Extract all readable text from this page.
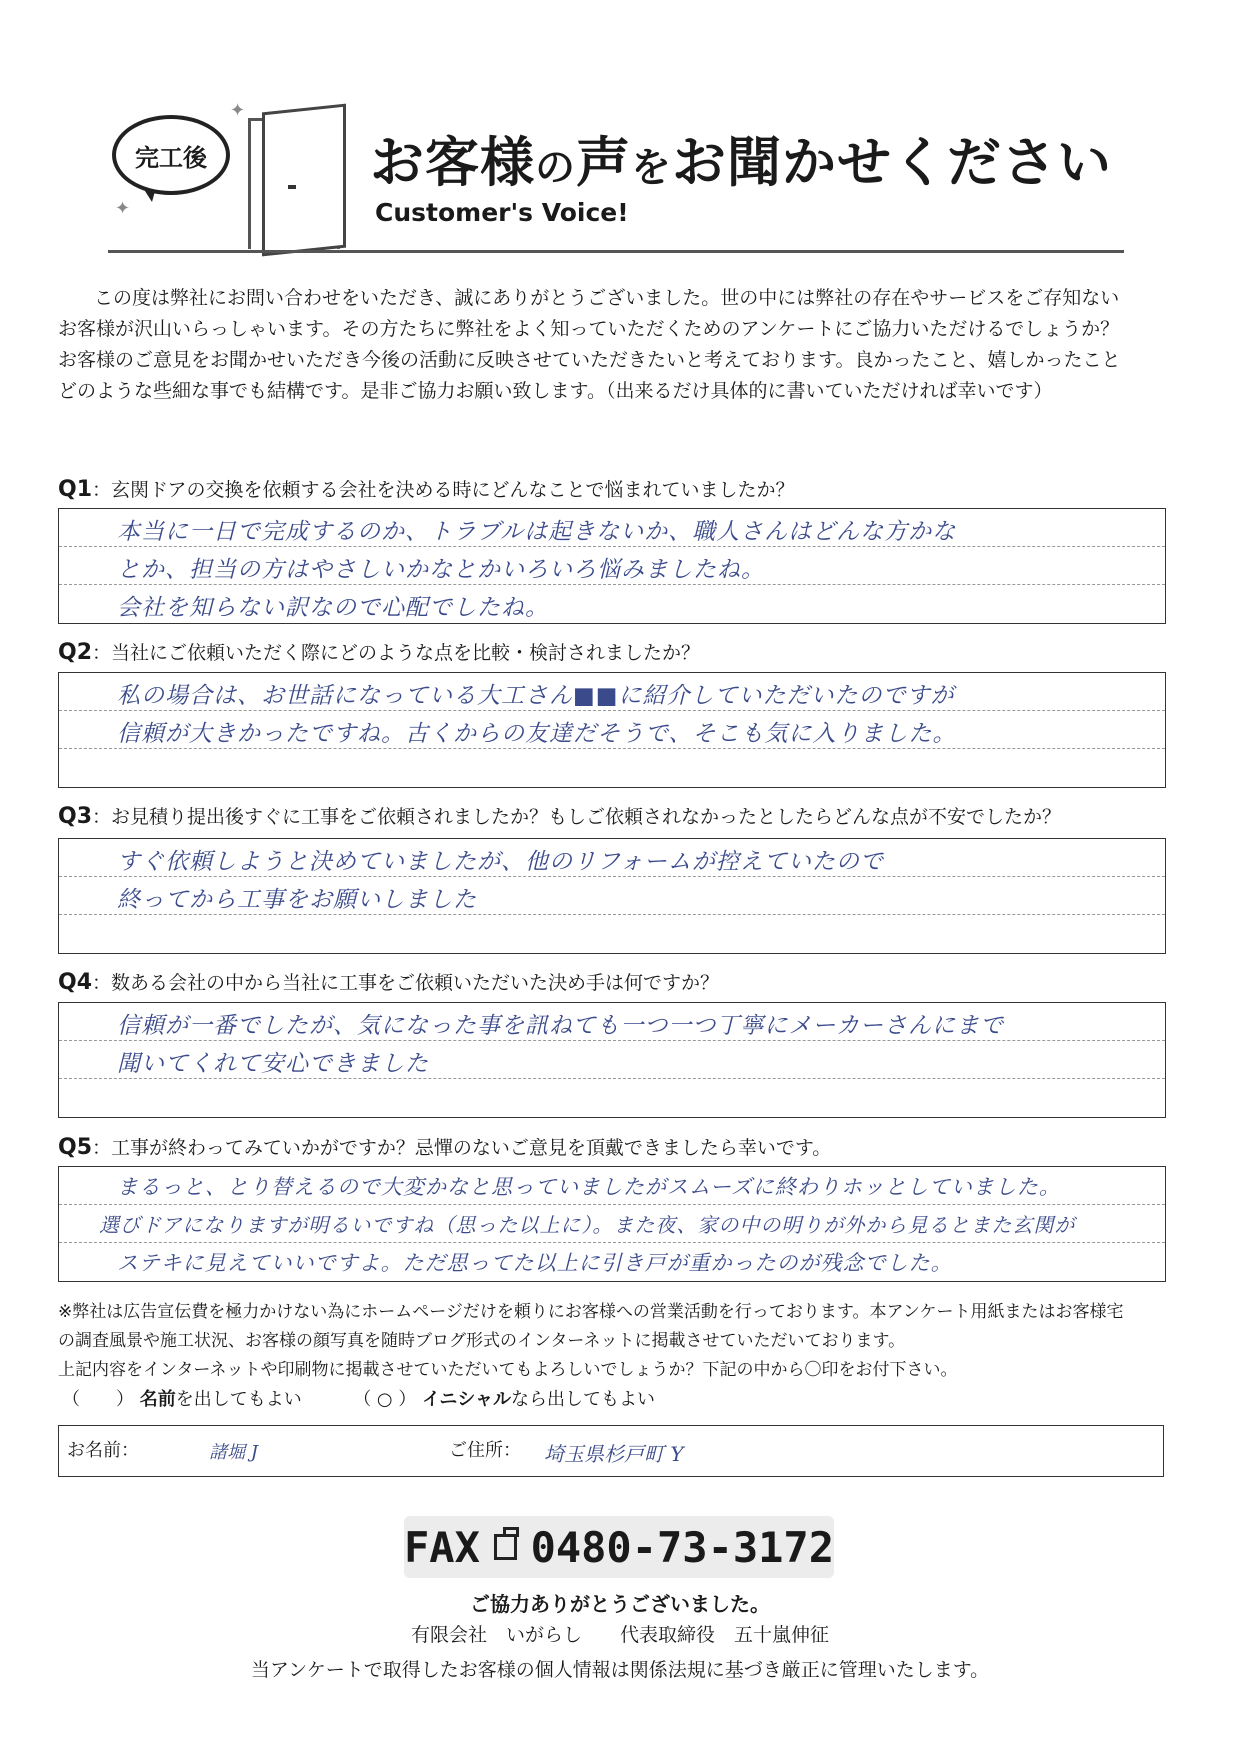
完工後
✦
✦
お客様の声をお聞かせください
Customer's Voice!

この度は弊社にお問い合わせをいただき、誠にありがとうございました。世の中には弊社の存在やサービスをご存知ない

お客様が沢山いらっしゃいます。その方たちに弊社をよく知っていただくためのアンケートにご協力いただけるでしょうか？

お客様のご意見をお聞かせいただき今後の活動に反映させていただきたいと考えております。良かったこと、嬉しかったこと

どのような些細な事でも結構です。是非ご協力お願い致します。（出来るだけ具体的に書いていただければ幸いです）

Q1：玄関ドアの交換を依頼する会社を決める時にどんなことで悩まれていましたか？
本当に一日で完成するのか、トラブルは起きないか、職人さんはどんな方かな
とか、担当の方はやさしいかなとかいろいろ悩みましたね。
会社を知らない訳なので心配でしたね。
Q2：当社にご依頼いただく際にどのような点を比較・検討されましたか？
私の場合は、お世話になっている大工さん■■に紹介していただいたのですが
信頼が大きかったですね。古くからの友達だそうで、そこも気に入りました。
Q3：お見積り提出後すぐに工事をご依頼されましたか？もしご依頼されなかったとしたらどんな点が不安でしたか？
すぐ依頼しようと決めていましたが、他のリフォームが控えていたので
終ってから工事をお願いしました
Q4：数ある会社の中から当社に工事をご依頼いただいた決め手は何ですか？
信頼が一番でしたが、気になった事を訊ねても一つ一つ丁寧にメーカーさんにまで
聞いてくれて安心できました
Q5：工事が終わってみていかがですか？忌憚のないご意見を頂戴できましたら幸いです。
まるっと、とり替えるので大変かなと思っていましたがスムーズに終わりホッとしていました。
選びドアになりますが明るいですね（思った以上に）。また夜、家の中の明りが外から見るとまた玄関が
ステキに見えていいですよ。ただ思ってた以上に引き戸が重かったのが残念でした。

※弊社は広告宣伝費を極力かけない為にホームページだけを頼りにお客様への営業活動を行っております。本アンケート用紙またはお客様宅

の調査風景や施工状況、お客様の顔写真を随時ブログ形式のインターネットに掲載させていただいております。

上記内容をインターネットや印刷物に掲載させていただいてもよろしいでしょうか？下記の中から〇印をお付下さい。

（　　） 名前を出してもよい	（ ○ ） イニシャルなら出してもよい
お名前：	諸堀 J	ご住所： 埼玉県杉戸町 Y
FAX 0480-73-3172
ご協力ありがとうございました。
有限会社　いがらし　　代表取締役　五十嵐伸征
当アンケートで取得したお客様の個人情報は関係法規に基づき厳正に管理いたします。
